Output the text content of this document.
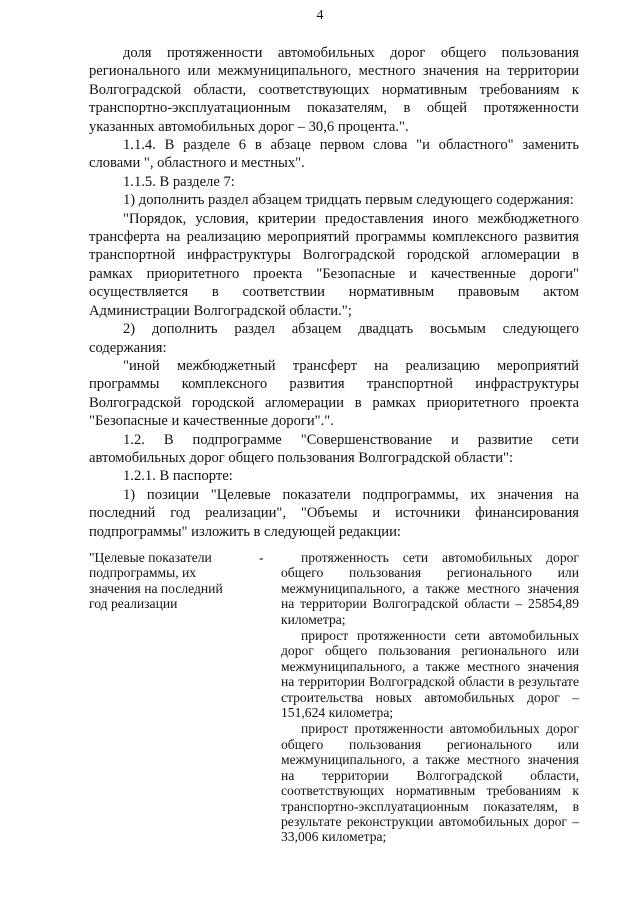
4

доля протяженности автомобильных дорог общего пользования регионального или межмуниципального, местного значения на территории Волгоградской области, соответствующих нормативным требованиям к транспортно-эксплуатационным показателям, в общей протяженности указанных автомобильных дорог – 30,6 процента.".

1.1.4. В разделе 6 в абзаце первом слова "и областного" заменить словами ", областного и местных".

1.1.5. В разделе 7:

1) дополнить раздел абзацем тридцать первым следующего содержания:

"Порядок, условия, критерии предоставления иного межбюджетного трансферта на реализацию мероприятий программы комплексного развития транспортной инфраструктуры Волгоградской городской агломерации в рамках приоритетного проекта "Безопасные и качественные дороги" осуществляется в соответствии нормативным правовым актом Администрации Волгоградской области.";

2) дополнить раздел абзацем двадцать восьмым следующего содержания:

"иной межбюджетный трансферт на реализацию мероприятий программы комплексного развития транспортной инфраструктуры Волгоградской городской агломерации в рамках приоритетного проекта "Безопасные и качественные дороги".".

1.2. В подпрограмме "Совершенствование и развитие сети автомобильных дорог общего пользования Волгоградской области":

1.2.1. В паспорте:

1) позиции "Целевые показатели подпрограммы, их значения на последний год реализации", "Объемы и источники финансирования подпрограммы" изложить в следующей редакции:

"Целевые показатели подпрограммы, их значения на последний год реализации
-	протяженность сети автомобильных дорог общего пользования регионального или межмуниципального, а также местного значения на территории Волгоградской области – 25854,89 километра;

прирост протяженности сети автомобильных дорог общего пользования регионального или межмуниципального, а также местного значения на территории Волгоградской области в результате строительства новых автомобильных дорог – 151,624 километра;

прирост протяженности автомобильных дорог общего пользования регионального или межмуниципального, а также местного значения на территории Волгоградской области, соответствующих нормативным требованиям к транспортно-эксплуатационным показателям, в результате реконструкции автомобильных дорог – 33,006 километра;
